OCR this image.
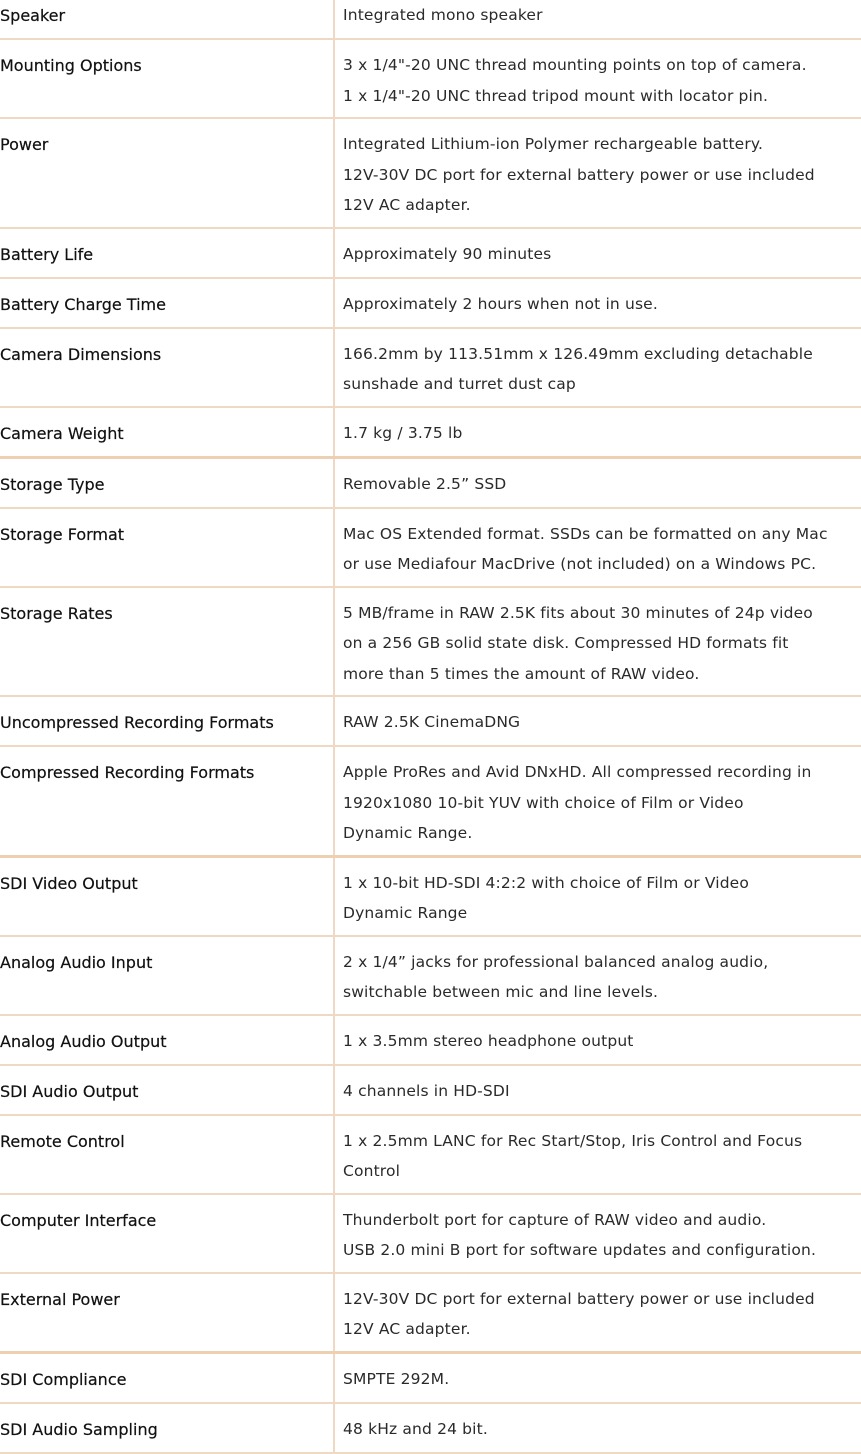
Speaker	Integrated mono speaker

Mounting Options	3 x 1/4"-20 UNC thread mounting points on top of camera.
1 x 1/4"-20 UNC thread tripod mount with locator pin.

Power	Integrated Lithium-ion Polymer rechargeable battery.
12V-30V DC port for external battery power or use included
12V AC adapter.

Battery Life	Approximately 90 minutes

Battery Charge Time	Approximately 2 hours when not in use.

Camera Dimensions	166.2mm by 113.51mm x 126.49mm excluding detachable
sunshade and turret dust cap

Camera Weight	1.7 kg / 3.75 lb

Storage Type	Removable 2.5” SSD

Storage Format	Mac OS Extended format. SSDs can be formatted on any Mac
or use Mediafour MacDrive (not included) on a Windows PC.

Storage Rates	5 MB/frame in RAW 2.5K fits about 30 minutes of 24p video
on a 256 GB solid state disk. Compressed HD formats fit
more than 5 times the amount of RAW video.

Uncompressed Recording Formats	RAW 2.5K CinemaDNG

Compressed Recording Formats	Apple ProRes and Avid DNxHD. All compressed recording in
1920x1080 10-bit YUV with choice of Film or Video
Dynamic Range.

SDI Video Output	1 x 10-bit HD-SDI 4:2:2 with choice of Film or Video
Dynamic Range

Analog Audio Input	2 x 1/4” jacks for professional balanced analog audio,
switchable between mic and line levels.

Analog Audio Output	1 x 3.5mm stereo headphone output

SDI Audio Output	4 channels in HD-SDI

Remote Control	1 x 2.5mm LANC for Rec Start/Stop, Iris Control and Focus
Control

Computer Interface	Thunderbolt port for capture of RAW video and audio.
USB 2.0 mini B port for software updates and configuration.

External Power	12V-30V DC port for external battery power or use included
12V AC adapter.

SDI Compliance	SMPTE 292M.

SDI Audio Sampling	48 kHz and 24 bit.
